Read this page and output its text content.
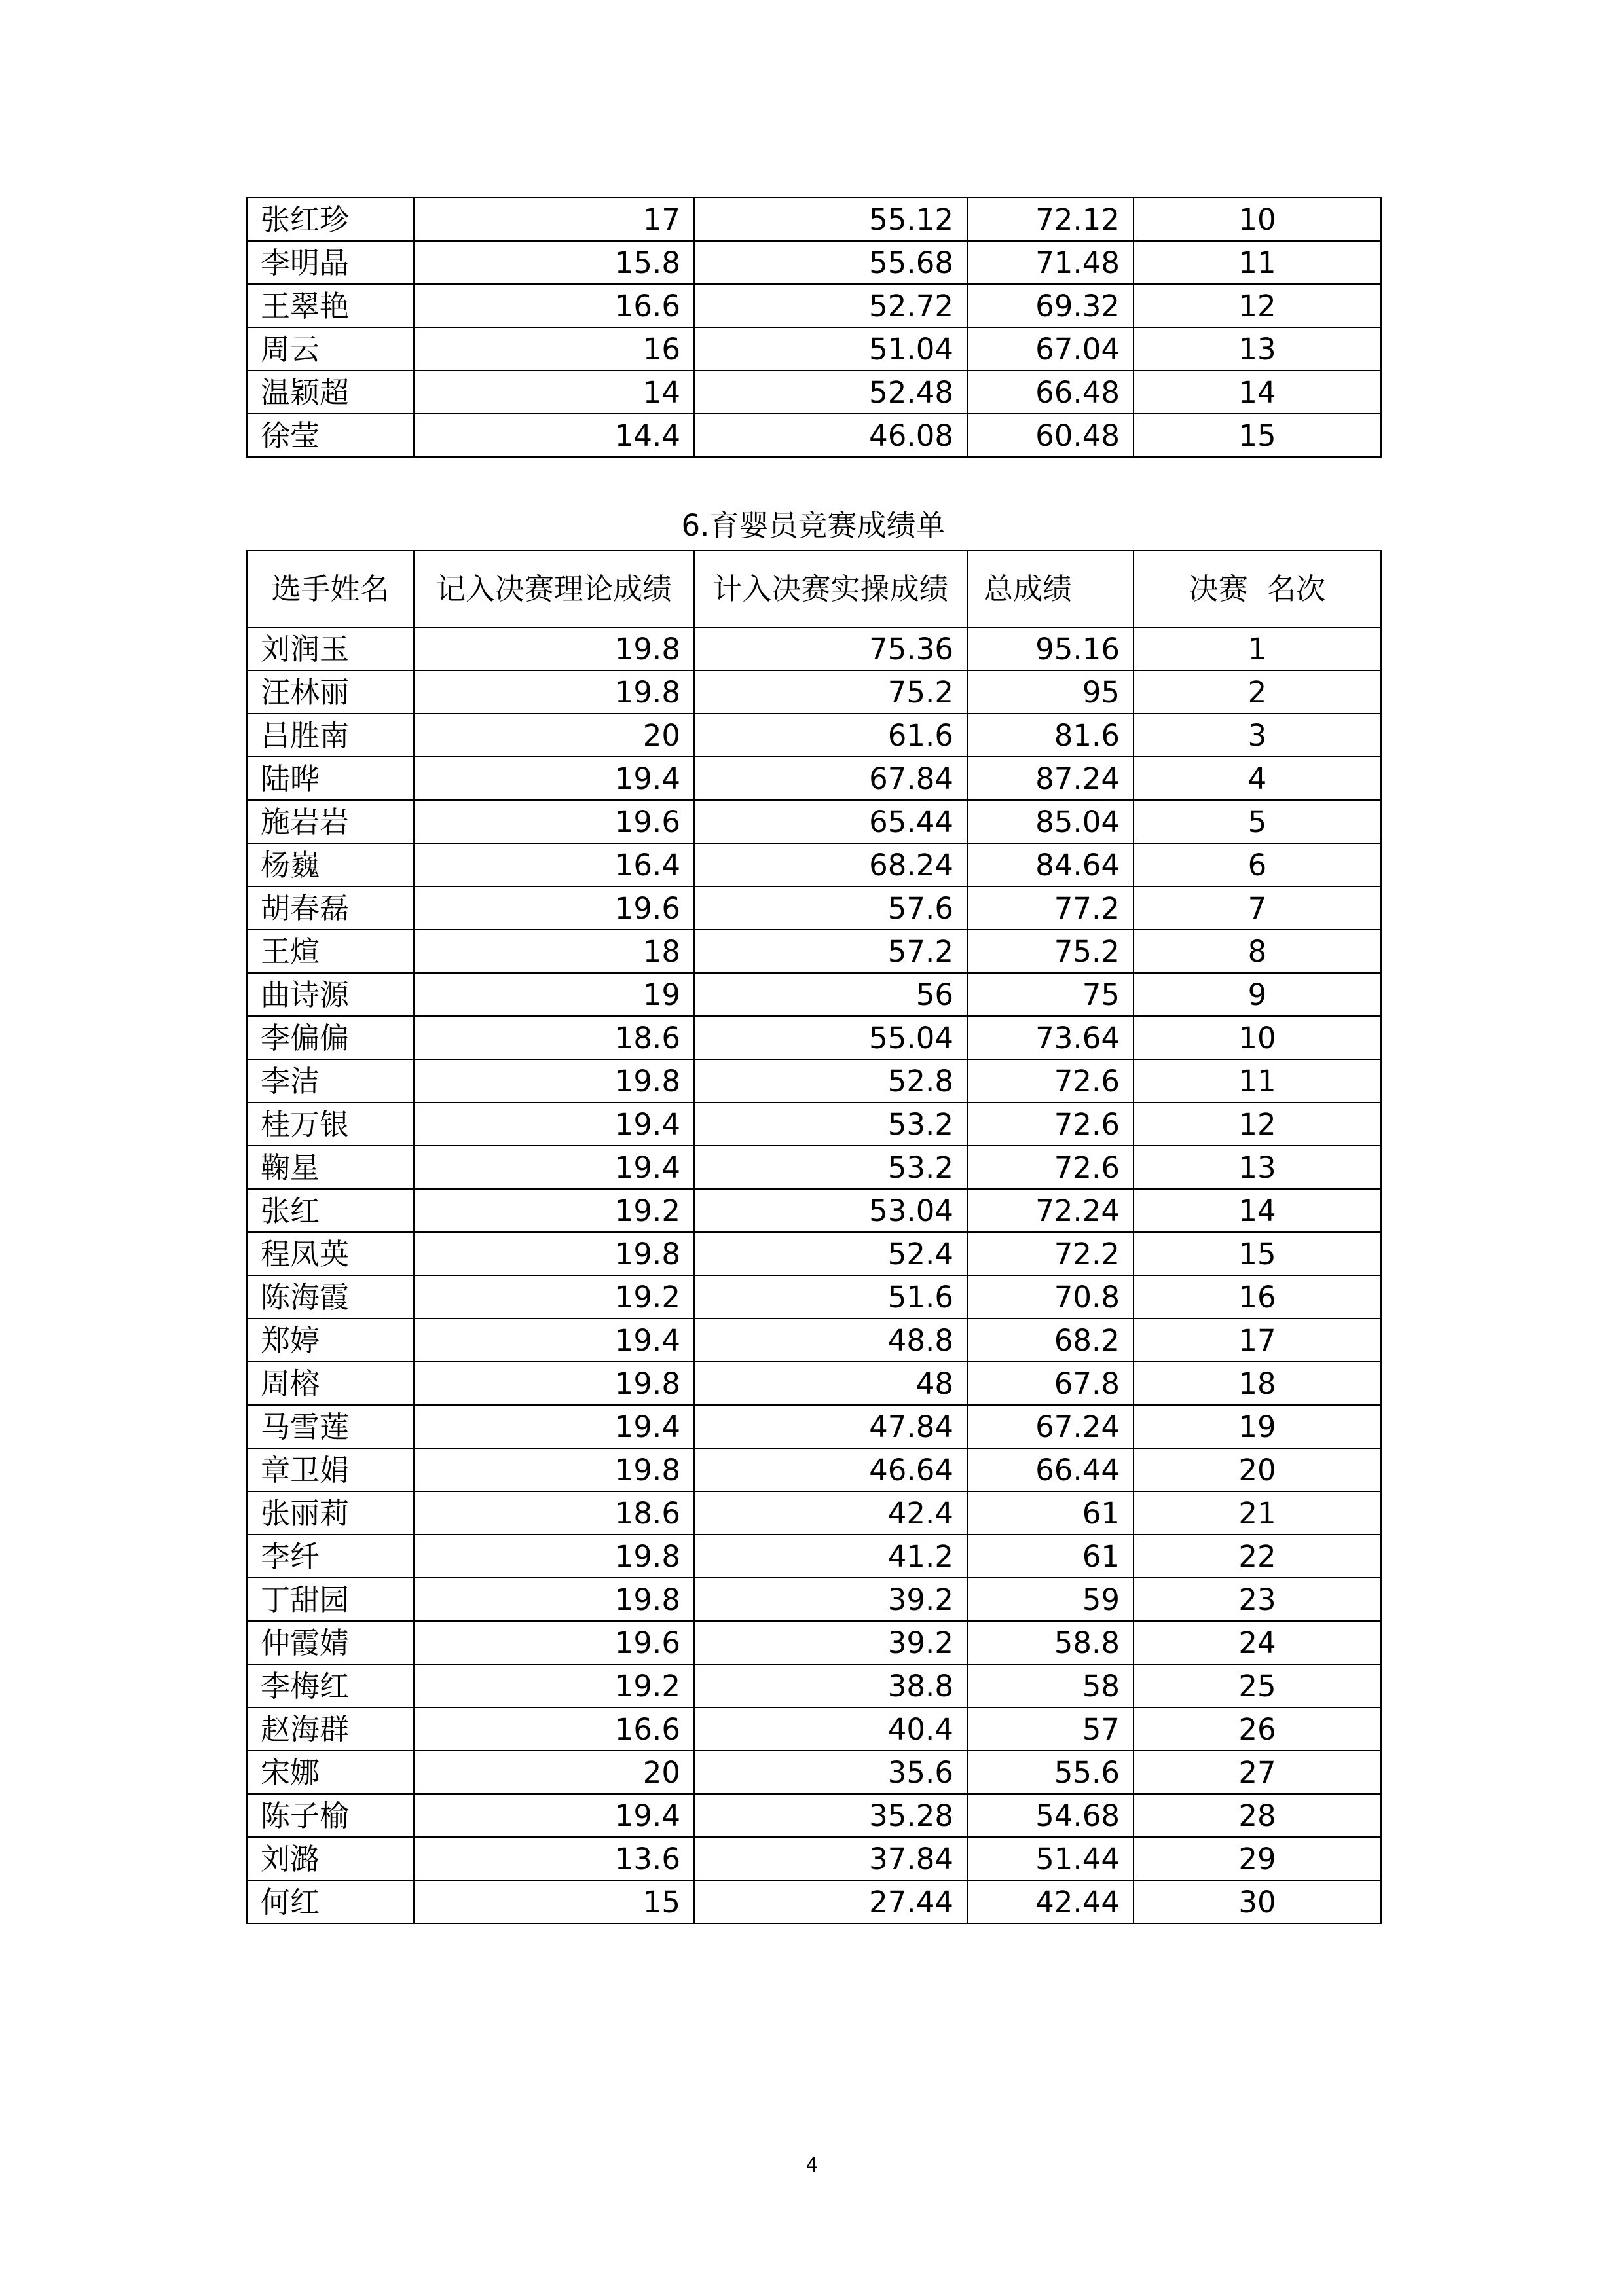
张红珍	17	55.12	72.12	10
李明晶	15.8	55.68	71.48	11
王翠艳	16.6	52.72	69.32	12
周云	16	51.04	67.04	13
温颖超	14	52.48	66.48	14
徐莹	14.4	46.08	60.48	15
6.育婴员竞赛成绩单
选手姓名	记入决赛理论成绩	计入决赛实操成绩	总成绩	决赛  名次
刘润玉	19.8	75.36	95.16	1
汪林丽	19.8	75.2	95	2
吕胜南	20	61.6	81.6	3
陆晔	19.4	67.84	87.24	4
施岩岩	19.6	65.44	85.04	5
杨巍	16.4	68.24	84.64	6
胡春磊	19.6	57.6	77.2	7
王煊	18	57.2	75.2	8
曲诗源	19	56	75	9
李偏偏	18.6	55.04	73.64	10
李洁	19.8	52.8	72.6	11
桂万银	19.4	53.2	72.6	12
鞠星	19.4	53.2	72.6	13
张红	19.2	53.04	72.24	14
程凤英	19.8	52.4	72.2	15
陈海霞	19.2	51.6	70.8	16
郑婷	19.4	48.8	68.2	17
周榕	19.8	48	67.8	18
马雪莲	19.4	47.84	67.24	19
章卫娟	19.8	46.64	66.44	20
张丽莉	18.6	42.4	61	21
李纤	19.8	41.2	61	22
丁甜园	19.8	39.2	59	23
仲霞婧	19.6	39.2	58.8	24
李梅红	19.2	38.8	58	25
赵海群	16.6	40.4	57	26
宋娜	20	35.6	55.6	27
陈子榆	19.4	35.28	54.68	28
刘潞	13.6	37.84	51.44	29
何红	15	27.44	42.44	30
4
